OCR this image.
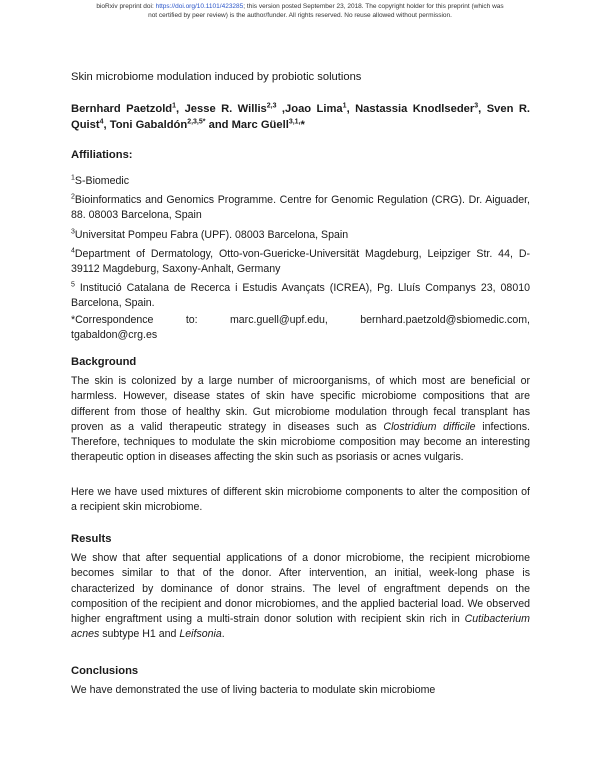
bioRxiv preprint doi: https://doi.org/10.1101/423285; this version posted September 23, 2018. The copyright holder for this preprint (which was
not certified by peer review) is the author/funder. All rights reserved. No reuse allowed without permission.
Skin microbiome modulation induced by probiotic solutions
Bernhard Paetzold$^1$, Jesse R. Willis$^{2,3}$ ,Joao Lima$^1$, Nastassia Knodlseder$^3$, Sven R. Quist$^4$, Toni Gabaldón$^{2,3,5*}$ and Marc Güell$^{3,1,}$*
Affiliations:

$^1$S-Biomedic

$^2$Bioinformatics and Genomics Programme. Centre for Genomic Regulation (CRG). Dr. Aiguader, 88. 08003 Barcelona, Spain

$^3$Universitat Pompeu Fabra (UPF). 08003 Barcelona, Spain

$^4$Department of Dermatology, Otto-von-Guericke-Universität Magdeburg, Leipziger Str. 44, D-39112 Magdeburg, Saxony-Anhalt, Germany

$^5$ Institució Catalana de Recerca i Estudis Avançats (ICREA), Pg. Lluís Companys 23, 08010 Barcelona, Spain.

*Correspondence	to:	marc.guell@upf.edu,	bernhard.paetzold@sbiomedic.com,
tgabaldon@crg.es
Background

The skin is colonized by a large number of microorganisms, of which most are beneficial or harmless. However, disease states of skin have specific microbiome compositions that are different from those of healthy skin. Gut microbiome modulation through fecal transplant has proven as a valid therapeutic strategy in diseases such as Clostridium difficile infections. Therefore, techniques to modulate the skin microbiome composition may become an interesting therapeutic option in diseases affecting the skin such as psoriasis or acnes vulgaris.

Here we have used mixtures of different skin microbiome components to alter the composition of a recipient skin microbiome.

Results

We show that after sequential applications of a donor microbiome, the recipient microbiome becomes similar to that of the donor. After intervention, an initial, week-long phase is characterized by dominance of donor strains. The level of engraftment depends on the composition of the recipient and donor microbiomes, and the applied bacterial load. We observed higher engraftment using a multi-strain donor solution with recipient skin rich in Cutibacterium acnes subtype H1 and Leifsonia.

Conclusions

We have demonstrated the use of living bacteria to modulate skin microbiome
